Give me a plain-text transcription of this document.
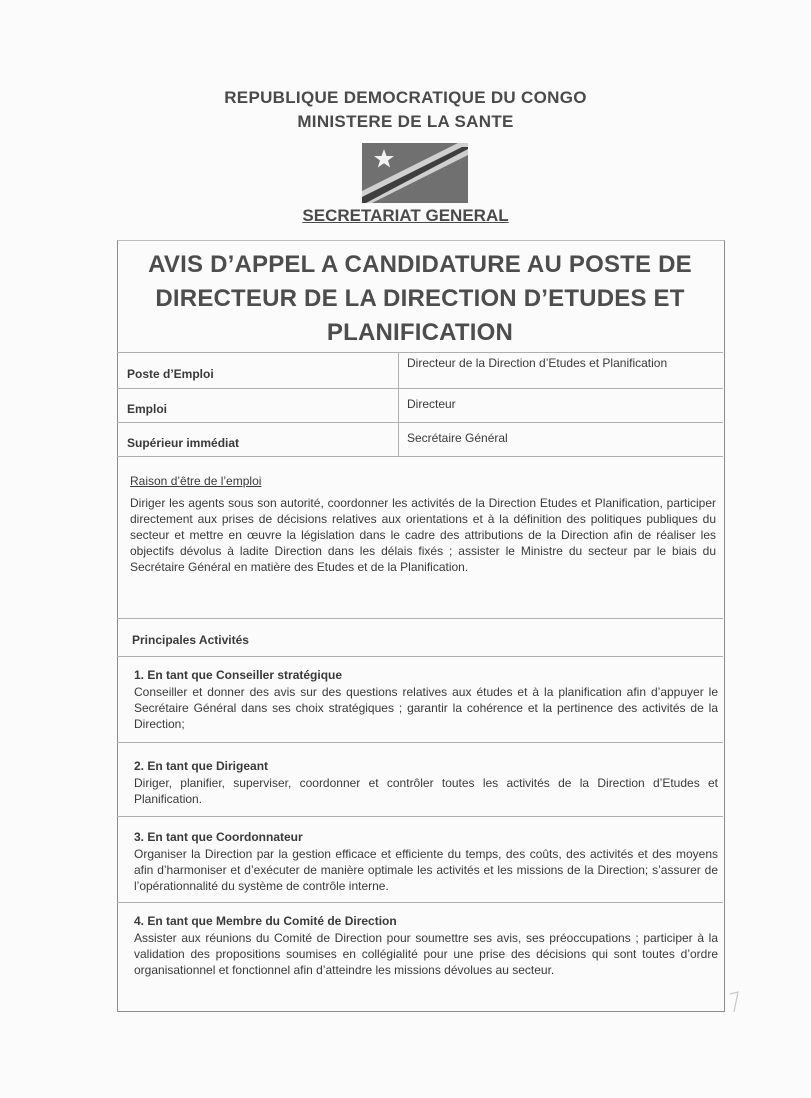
REPUBLIQUE DEMOCRATIQUE DU CONGO
MINISTERE DE LA SANTE
SECRETARIAT GENERAL
AVIS D’APPEL A CANDIDATURE AU POSTE DE
DIRECTEUR DE LA DIRECTION D’ETUDES ET
PLANIFICATION
Poste d’Emploi
Directeur de la Direction d’Etudes et Planification
Emploi	Directeur
Supérieur immédiat	Secrétaire Général
Raison d’être de l’emploi
Diriger les agents sous son autorité, coordonner les activités de la Direction Etudes et Planification, participer directement aux prises de décisions relatives aux orientations et à la définition des politiques publiques du secteur et mettre en œuvre la législation dans le cadre des attributions de la Direction afin de réaliser les objectifs dévolus à ladite Direction dans les délais fixés ; assister le Ministre du secteur par le biais du Secrétaire Général en matière des Etudes et de la Planification.
Principales Activités
1. En tant que Conseiller stratégique
Conseiller et donner des avis sur des questions relatives aux études et à la planification afin d’appuyer le Secrétaire Général dans ses choix stratégiques ; garantir la cohérence et la pertinence des activités de la Direction;
2. En tant que Dirigeant
Diriger, planifier, superviser, coordonner et contrôler toutes les activités de la Direction d’Etudes et Planification.
3. En tant que Coordonnateur
Organiser la Direction par la gestion efficace et efficiente du temps, des coûts, des activités et des moyens afin d’harmoniser et d’exécuter de manière optimale les activités et les missions de la Direction; s’assurer de l’opérationnalité du système de contrôle interne.
4. En tant que Membre du Comité de Direction
Assister aux réunions du Comité de Direction pour soumettre ses avis, ses préoccupations ; participer à la validation des propositions soumises en collégialité pour une prise des décisions qui sont toutes d’ordre organisationnel et fonctionnel afin d’atteindre les missions dévolues au secteur.
